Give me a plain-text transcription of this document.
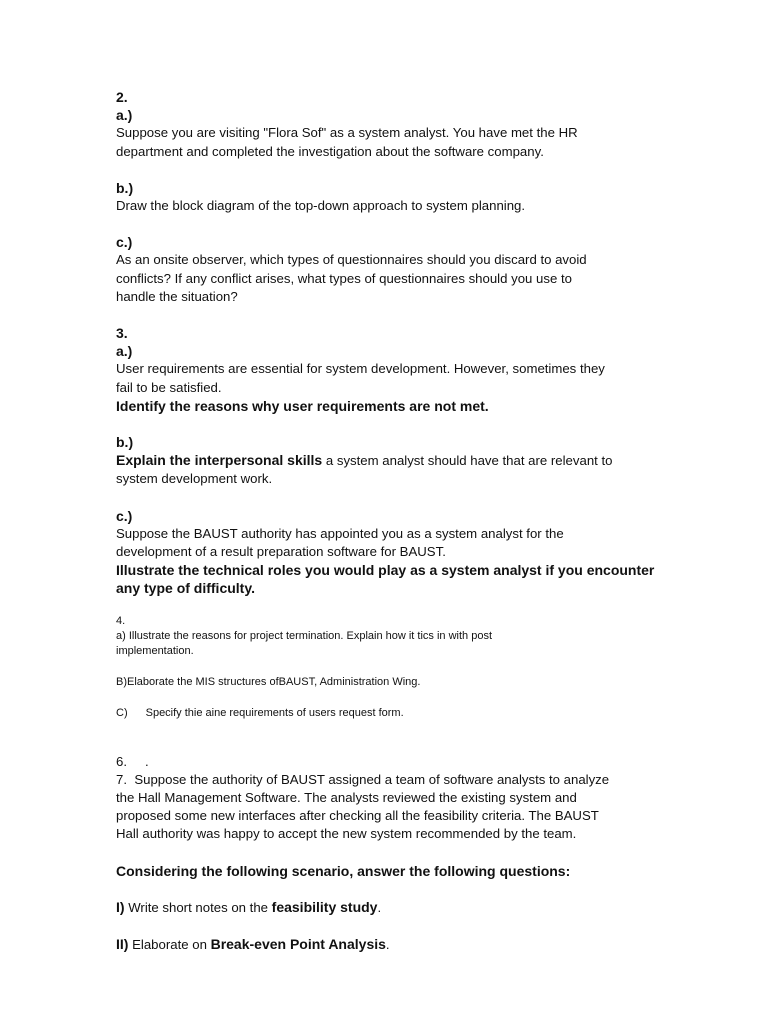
2.
a.)
Suppose you are visiting "Flora Sof" as a system analyst. You have met the HR
department and completed the investigation about the software company.
b.)
Draw the block diagram of the top-down approach to system planning.
c.)
As an onsite observer, which types of questionnaires should you discard to avoid
conflicts? If any conflict arises, what types of questionnaires should you use to
handle the situation?
3.
a.)
User requirements are essential for system development. However, sometimes they
fail to be satisfied.
Identify the reasons why user requirements are not met.
b.)
Explain the interpersonal skills a system analyst should have that are relevant to
system development work.
c.)
Suppose the BAUST authority has appointed you as a system analyst for the
development of a result preparation software for BAUST.
Illustrate the technical roles you would play as a system analyst if you encounter
any type of difficulty.
4.
a) Illustrate the reasons for project termination. Explain how it tics in with post
implementation.
B)Elaborate the MIS structures ofBAUST, Administration Wing.
C) Specify thie aine requirements of users request form.
6. .
7. Suppose the authority of BAUST assigned a team of software analysts to analyze
the Hall Management Software. The analysts reviewed the existing system and
proposed some new interfaces after checking all the feasibility criteria. The BAUST
Hall authority was happy to accept the new system recommended by the team.
Considering the following scenario, answer the following questions:
I) Write short notes on the feasibility study.
II) Elaborate on Break-even Point Analysis.
